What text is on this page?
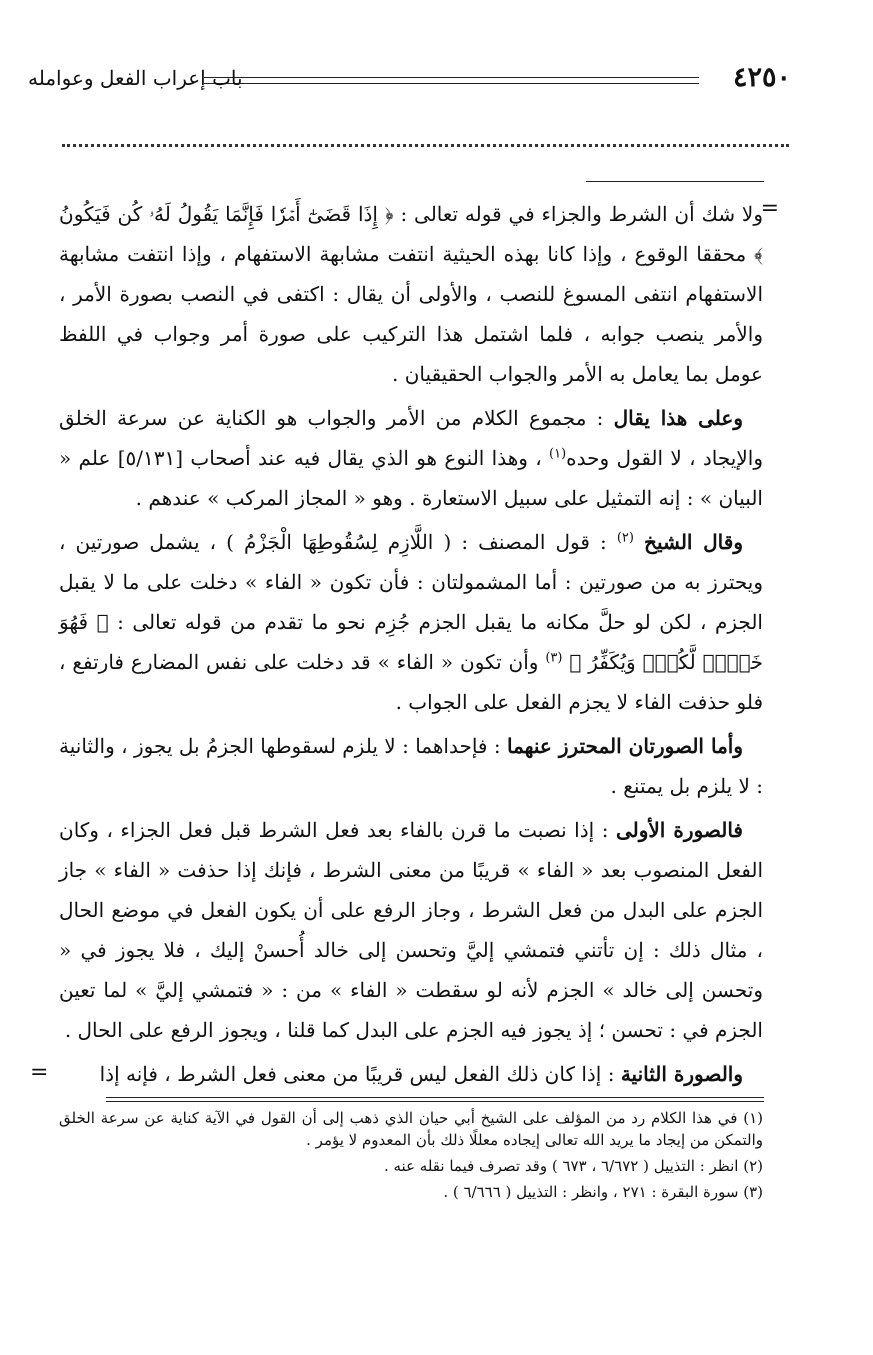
٤٢٥٠
باب إعراب الفعل وعوامله
=

ولا شك أن الشرط والجزاء في قوله تعالى : ﴿ إِذَا قَضَىٰٓ أَمۡرٗا فَإِنَّمَا يَقُولُ لَهُۥ كُن فَيَكُونُ ﴾ محققا الوقوع ، وإذا كانا بهذه الحيثية انتفت مشابهة الاستفهام ، وإذا انتفت مشابهة الاستفهام انتفى المسوغ للنصب ، والأولى أن يقال : اكتفى في النصب بصورة الأمر ، والأمر ينصب جوابه ، فلما اشتمل هذا التركيب على صورة أمر وجواب في اللفظ عومل بما يعامل به الأمر والجواب الحقيقيان .

وعلى هذا يقال : مجموع الكلام من الأمر والجواب هو الكناية عن سرعة الخلق والإيجاد ، لا القول وحده$^{(١)}$ ، وهذا النوع هو الذي يقال فيه عند أصحاب [٥/١٣١] علم « البيان » : إنه التمثيل على سبيل الاستعارة . وهو « المجاز المركب » عندهم .

وقال الشيخ $^{(٢)}$ : قول المصنف : ( اللَّازِم لِسُقُوطِهَا الْجَزْمُ ) ، يشمل صورتين ، ويحترز به من صورتين : أما المشمولتان : فأن تكون « الفاء » دخلت على ما لا يقبل الجزم ، لكن لو حلَّ مكانه ما يقبل الجزم جُزِم نحو ما تقدم من قوله تعالى : ﴿ فَهُوَ خَيۡرٞ لَّكُمۡۚ وَيُكَفِّرُ ﴾ $^{(٣)}$ وأن تكون « الفاء » قد دخلت على نفس المضارع فارتفع ، فلو حذفت الفاء لا يجزم الفعل على الجواب .

وأما الصورتان المحترز عنهما : فإحداهما : لا يلزم لسقوطها الجزمُ بل يجوز ، والثانية : لا يلزم بل يمتنع .

فالصورة الأولى : إذا نصبت ما قرن بالفاء بعد فعل الشرط قبل فعل الجزاء ، وكان الفعل المنصوب بعد « الفاء » قريبًا من معنى الشرط ، فإنك إذا حذفت « الفاء » جاز الجزم على البدل من فعل الشرط ، وجاز الرفع على أن يكون الفعل في موضع الحال ، مثال ذلك : إن تأتني فتمشي إليَّ وتحسن إلى خالد أُحسنْ إليك ، فلا يجوز في « وتحسن إلى خالد » الجزم لأنه لو سقطت « الفاء » من : « فتمشي إليَّ » لما تعين الجزم في : تحسن ؛ إذ يجوز فيه الجزم على البدل كما قلنا ، ويجوز الرفع على الحال .

والصورة الثانية : إذا كان ذلك الفعل ليس قريبًا من معنى فعل الشرط ، فإنه إذا

=

(١) في هذا الكلام رد من المؤلف على الشيخ أبي حيان الذي ذهب إلى أن القول في الآية كناية عن سرعة الخلق والتمكن من إيجاد ما يريد الله تعالى إيجاده معللًا ذلك بأن المعدوم لا يؤمر .

(٢) انظر : التذييل ( ٦/٦٧٢ ، ٦٧٣ ) وقد تصرف فيما نقله عنه .

(٣) سورة البقرة : ٢٧١ ، وانظر : التذييل ( ٦/٦٦٦ ) .
